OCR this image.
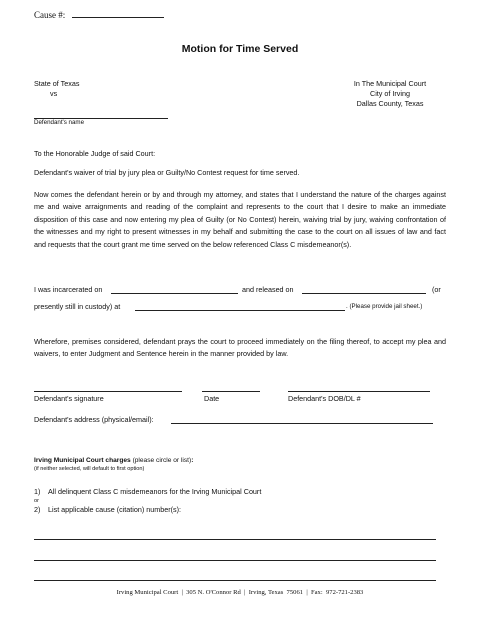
Cause #:
Motion for Time Served
State of Texas
vs
Defendant's name
In The Municipal Court
City of Irving
Dallas County, Texas
To the Honorable Judge of said Court:
Defendant's waiver of trial by jury plea or Guilty/No Contest request for time served.
Now comes the defendant herein or by and through my attorney, and states that I understand the nature of the charges against me and waive arraignments and reading of the complaint and represents to the court that I desire to make an immediate disposition of this case and now entering my plea of Guilty (or No Contest) herein, waiving trial by jury, waiving confrontation of the witnesses and my right to present witnesses in my behalf and submitting the case to the court on all issues of law and fact and requests that the court grant me time served on the below referenced Class C misdemeanor(s).
I was incarcerated on	and released on	(or
presently still in custody) at	. (Please provide jail sheet.)
Wherefore, premises considered, defendant prays the court to proceed immediately on the filing thereof, to accept my plea and waivers, to enter Judgment and Sentence herein in the manner provided by law.
Defendant's signature	Date	Defendant's DOB/DL #
Defendant's address (physical/email):
Irving Municipal Court charges (please circle or list):
(if neither selected, will default to first option)
1) All delinquent Class C misdemeanors for the Irving Municipal Court
or
2) List applicable cause (citation) number(s):
Irving Municipal Court  |  305 N. O'Connor Rd  |  Irving, Texas  75061  |  Fax:  972-721-2383
